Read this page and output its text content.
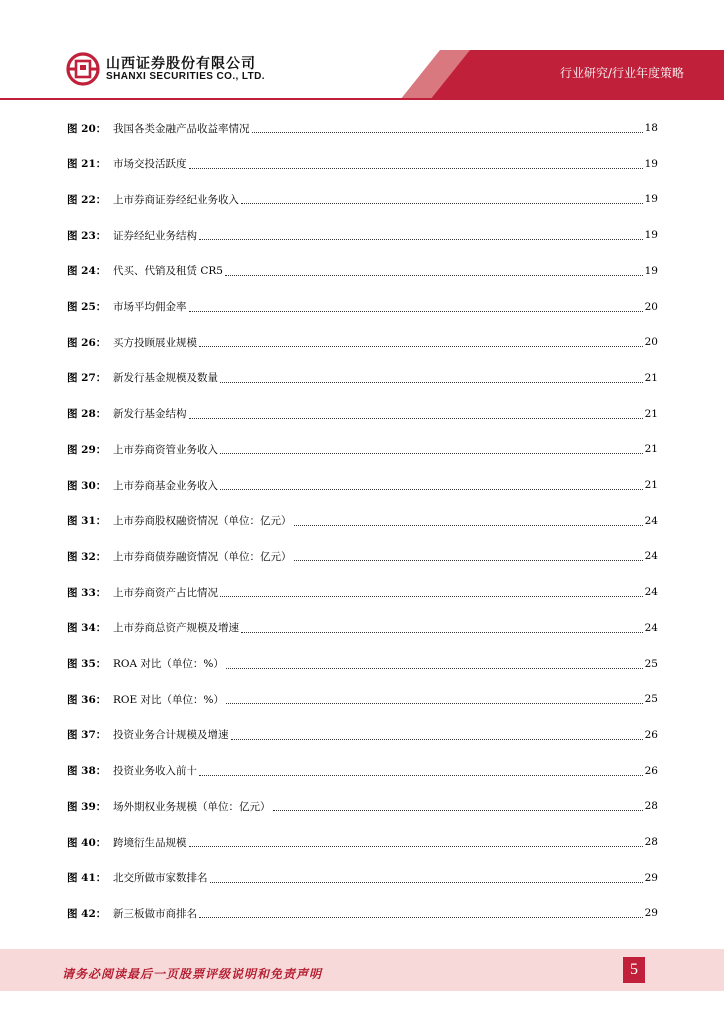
山西证券股份有限公司
SHANXI SECURITIES CO., LTD.	行业研究/行业年度策略
图 20： 我国各类金融产品收益率情况	18
图 21： 市场交投活跃度	19
图 22： 上市券商证券经纪业务收入	19
图 23： 证券经纪业务结构	19
图 24： 代买、代销及租赁 CR5	19
图 25： 市场平均佣金率	20
图 26： 买方投顾展业规模	20
图 27： 新发行基金规模及数量	21
图 28： 新发行基金结构	21
图 29： 上市券商资管业务收入	21
图 30： 上市券商基金业务收入	21
图 31： 上市券商股权融资情况（单位：亿元）	24
图 32： 上市券商债券融资情况（单位：亿元）	24
图 33： 上市券商资产占比情况	24
图 34： 上市券商总资产规模及增速	24
图 35： ROA 对比（单位：%）	25
图 36： ROE 对比（单位：%）	25
图 37： 投资业务合计规模及增速	26
图 38： 投资业务收入前十	26
图 39： 场外期权业务规模（单位：亿元）	28
图 40： 跨境衍生品规模	28
图 41： 北交所做市家数排名	29
图 42： 新三板做市商排名	29
请务必阅读最后一页股票评级说明和免责声明	5
